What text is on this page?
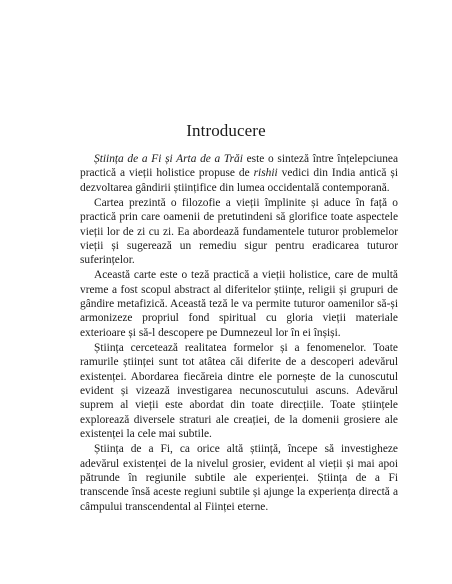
Introducere

Știința de a Fi și Arta de a Trăi este o sinteză între înțelepciunea practică a vieții holistice propuse de rishii vedici din India antică și dezvoltarea gândirii științifice din lumea occidentală contemporană.

Cartea prezintă o filozofie a vieții împlinite și aduce în față o practică prin care oamenii de pretutindeni să glorifice toate aspectele vieții lor de zi cu zi. Ea abordează fundamentele tuturor problemelor vieții și sugerează un remediu sigur pentru eradicarea tuturor suferințelor.

Această carte este o teză practică a vieții holistice, care de multă vreme a fost scopul abstract al diferitelor științe, religii și grupuri de gândire metafizică. Această teză le va permite tuturor oamenilor să-și armonizeze propriul fond spiritual cu gloria vieții materiale exterioare și să-l descopere pe Dumnezeul lor în ei înșiși.

Știința cercetează realitatea formelor și a fenomenelor. Toate ramurile științei sunt tot atâtea căi diferite de a descoperi adevărul existenței. Abordarea fiecăreia dintre ele pornește de la cunoscutul evident și vizează investigarea necunoscutului ascuns. Adevărul suprem al vieții este abordat din toate direcțiile. Toate științele explorează diversele straturi ale creației, de la domenii grosiere ale existenței la cele mai subtile.

Știința de a Fi, ca orice altă știință, începe să investigheze adevărul existenței de la nivelul grosier, evident al vieții și mai apoi pătrunde în regiunile subtile ale experienței. Știința de a Fi transcende însă aceste regiuni subtile și ajunge la experiența directă a câmpului transcendental al Ființei eterne.
